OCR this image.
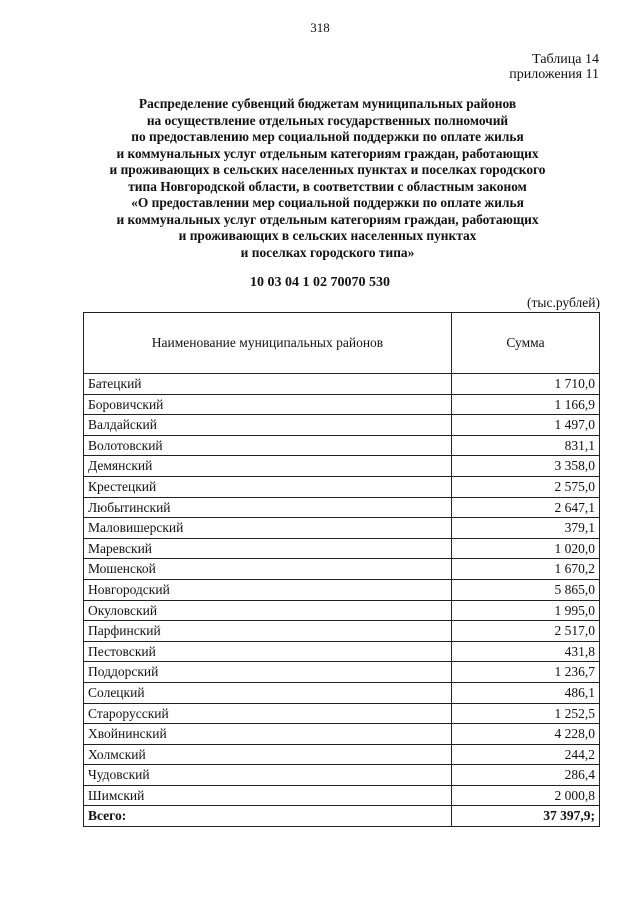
318
Таблица 14
приложения 11
Распределение субвенций бюджетам муниципальных районов
на осуществление отдельных государственных полномочий
по предоставлению мер социальной поддержки по оплате жилья
и коммунальных услуг отдельным категориям граждан, работающих
и проживающих в сельских населенных пунктах и поселках городского
типа Новгородской области, в соответствии с областным законом
«О предоставлении мер социальной поддержки по оплате жилья
и коммунальных услуг отдельным категориям граждан, работающих
и проживающих в сельских населенных пунктах
и поселках городского типа»
10 03 04 1 02 70070 530
(тыс.рублей)
Наименование муниципальных районов	Сумма
Батецкий	1 710,0
Боровичский	1 166,9
Валдайский	1 497,0
Волотовский	831,1
Демянский	3 358,0
Крестецкий	2 575,0
Любытинский	2 647,1
Маловишерский	379,1
Маревский	1 020,0
Мошенской	1 670,2
Новгородский	5 865,0
Окуловский	1 995,0
Парфинский	2 517,0
Пестовский	431,8
Поддорский	1 236,7
Солецкий	486,1
Старорусский	1 252,5
Хвойнинский	4 228,0
Холмский	244,2
Чудовский	286,4
Шимский	2 000,8
Всего:	37 397,9;
